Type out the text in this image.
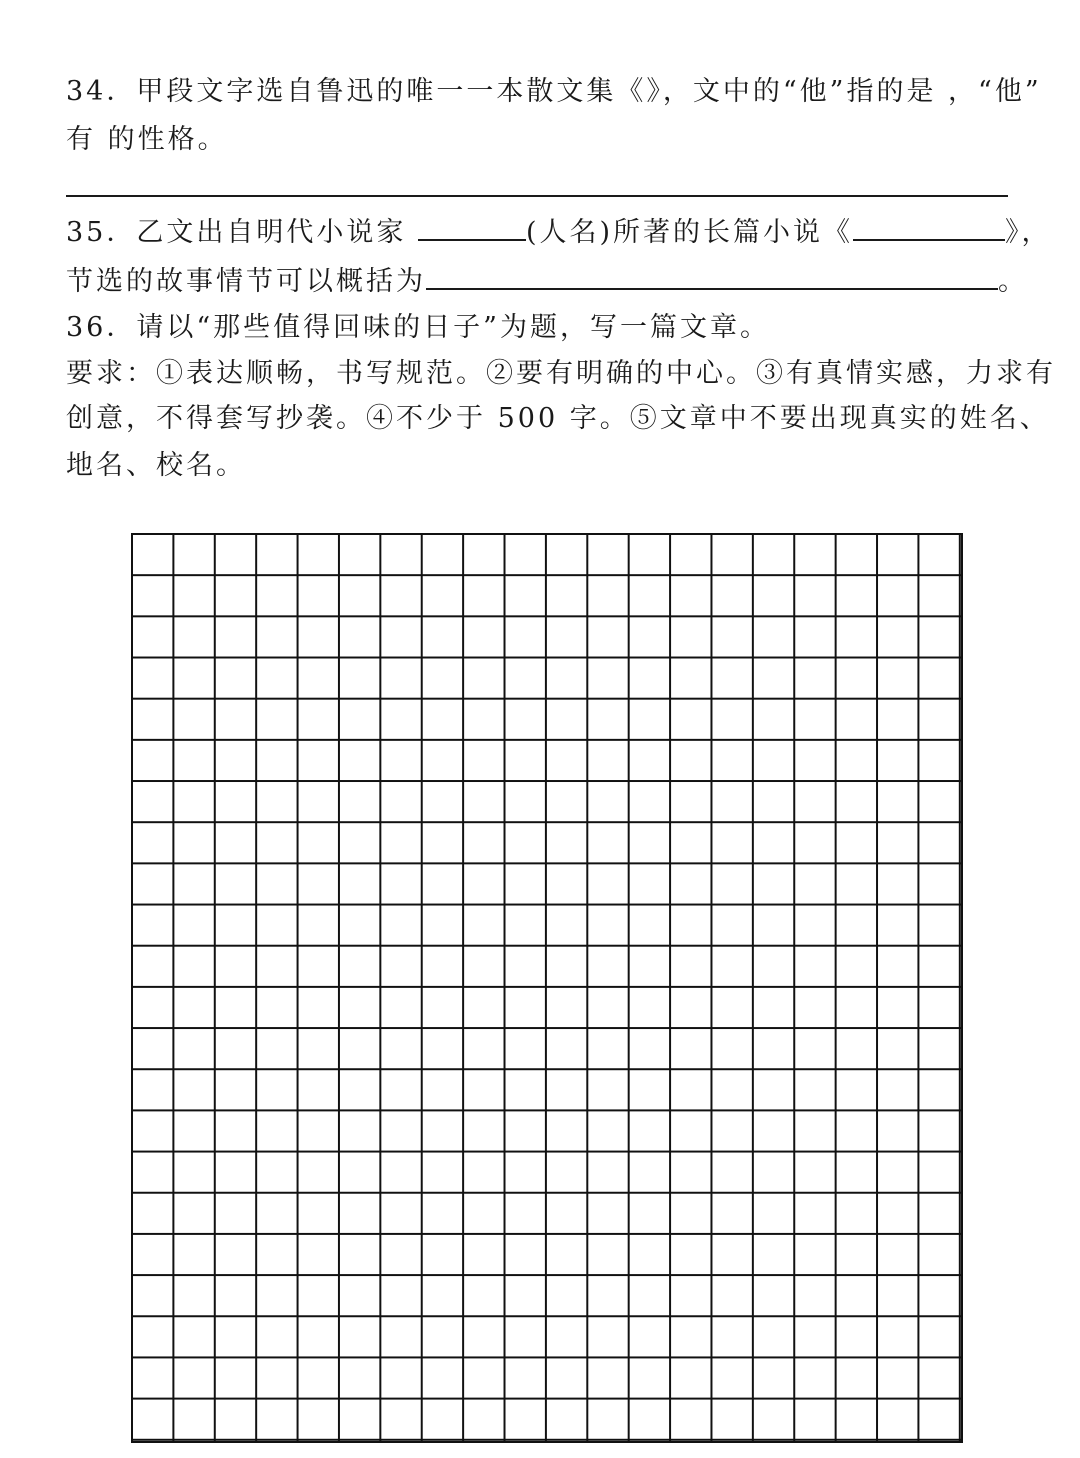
34．甲段文字选自鲁迅的唯一一本散文集《》，文中的“他”指的是 ，“他”
有 的性格。
35．乙文出自明代小说家	(人名)所著的长篇小说《	》，
节选的故事情节可以概括为	。
36．请以“那些值得回味的日子”为题，写一篇文章。
要求：①表达顺畅，书写规范。②要有明确的中心。③有真情实感，力求有
创意，不得套写抄袭。④不少于 500 字。⑤文章中不要出现真实的姓名、
地名、校名。
